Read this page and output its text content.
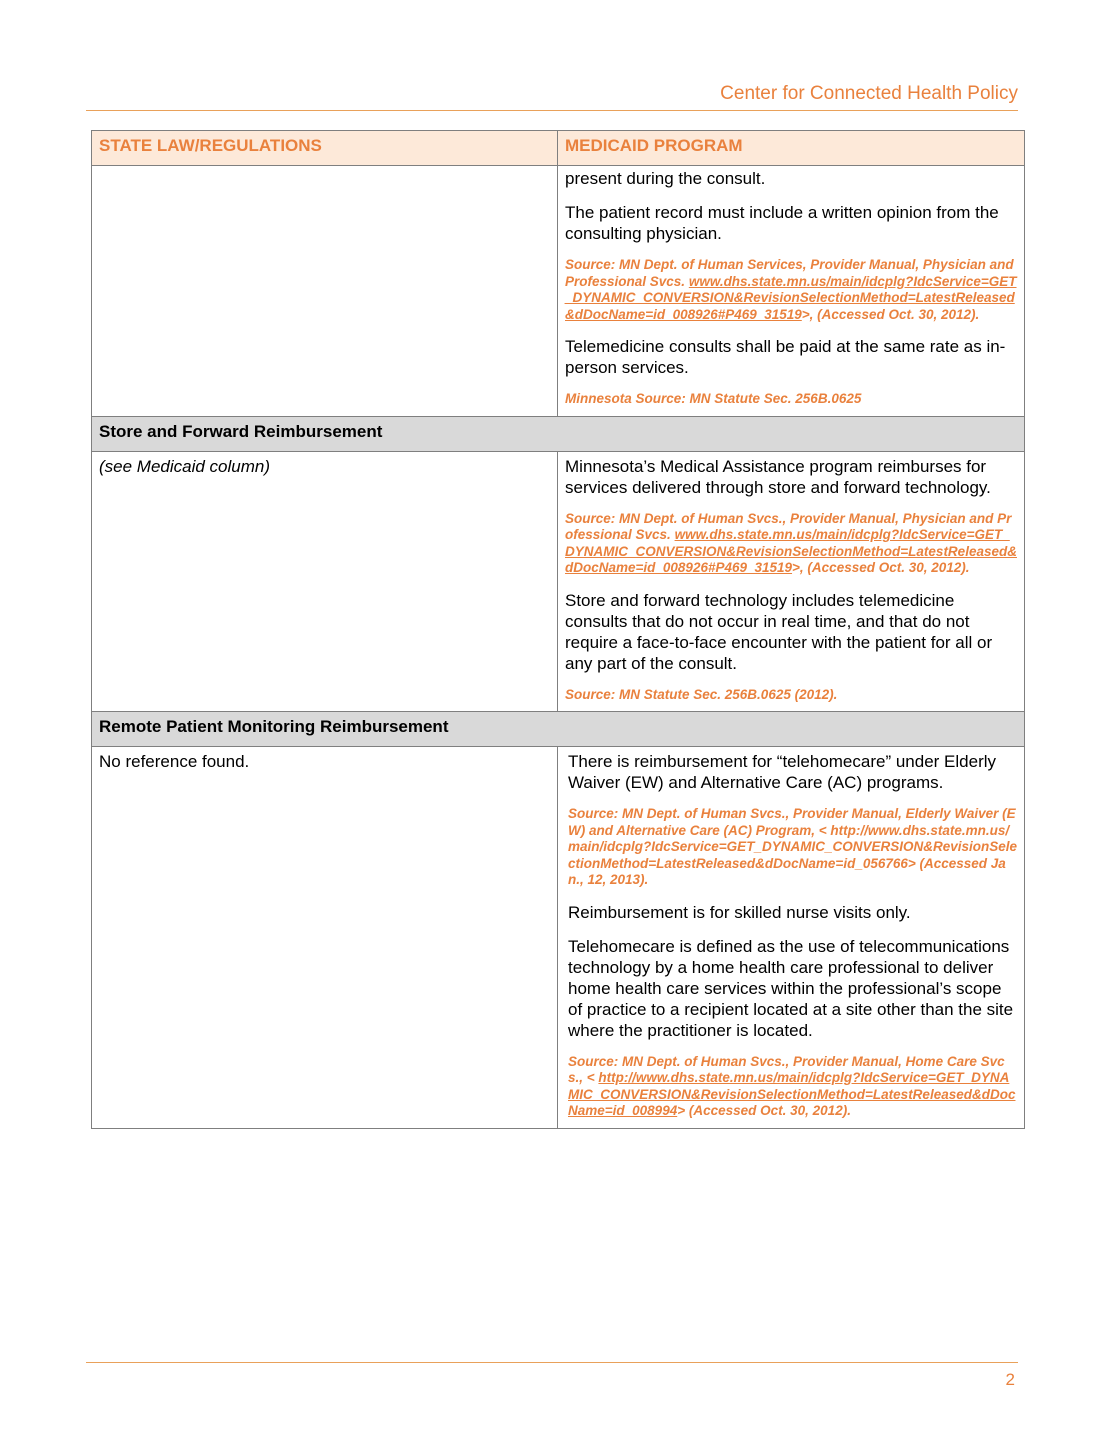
Center for Connected Health Policy
STATE LAW/REGULATIONS	MEDICAID PROGRAM

	present during the consult.

The patient record must include a written opinion from the consulting physician.

Source: MN Dept. of Human Services, Provider Manual, Physician and Professional Svcs. www.dhs.state.mn.us/main/idcplg?IdcService=GET_DYNAMIC_CONVERSION&RevisionSelectionMethod=LatestReleased&dDocName=id_008926#P469_31519>, (Accessed Oct. 30, 2012).

Telemedicine consults shall be paid at the same rate as in-person services.

Minnesota Source: MN Statute Sec. 256B.0625

Store and Forward Reimbursement	
(see Medicaid column)	Minnesota’s Medical Assistance program reimburses for services delivered through store and forward technology.

Source: MN Dept. of Human Svcs., Provider Manual, Physician and Professional Svcs. www.dhs.state.mn.us/main/idcplg?IdcService=GET_DYNAMIC_CONVERSION&RevisionSelectionMethod=LatestReleased&dDocName=id_008926#P469_31519>, (Accessed Oct. 30, 2012).

Store and forward technology includes telemedicine consults that do not occur in real time, and that do not require a face-to-face encounter with the patient for all or any part of the consult.

Source: MN Statute Sec. 256B.0625 (2012).

Remote Patient Monitoring Reimbursement	
No reference found.	There is reimbursement for “telehomecare” under Elderly Waiver (EW) and Alternative Care (AC) programs.

Source: MN Dept. of Human Svcs., Provider Manual, Elderly Waiver (EW) and Alternative Care (AC) Program, < http://www.dhs.state.mn.us/main/idcplg?IdcService=GET_DYNAMIC_CONVERSION&RevisionSelectionMethod=LatestReleased&dDocName=id_056766> (Accessed Jan., 12, 2013).

Reimbursement is for skilled nurse visits only.

Telehomecare is defined as the use of telecommunications technology by a home health care professional to deliver home health care services within the professional’s scope of practice to a recipient located at a site other than the site where the practitioner is located.

Source: MN Dept. of Human Svcs., Provider Manual, Home Care Svcs., < http://www.dhs.state.mn.us/main/idcplg?IdcService=GET_DYNAMIC_CONVERSION&RevisionSelectionMethod=LatestReleased&dDocName=id_008994> (Accessed Oct. 30, 2012).

2
